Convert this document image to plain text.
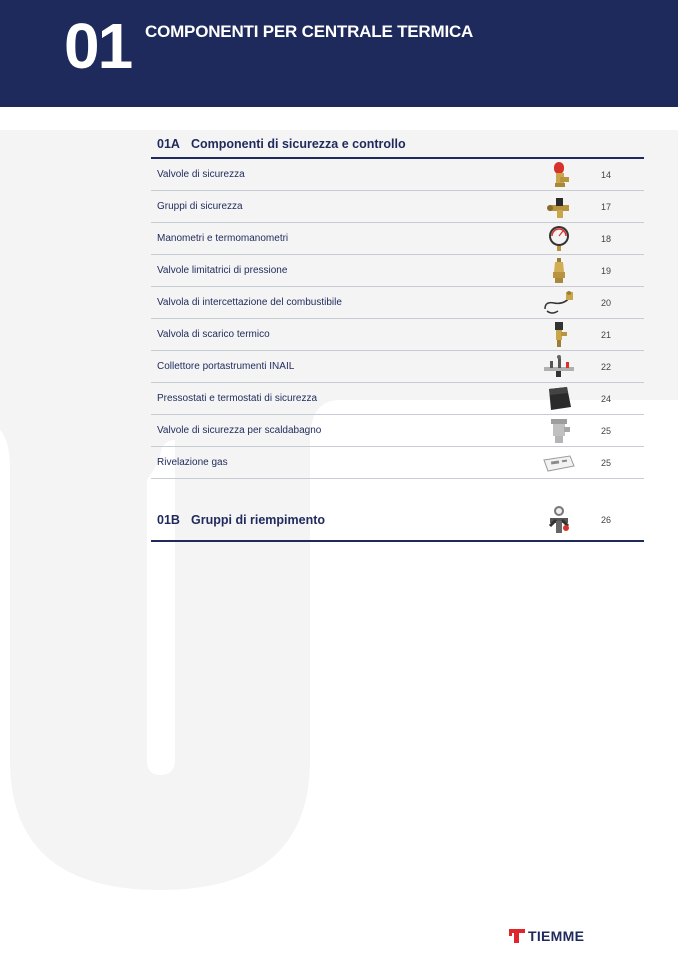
01 COMPONENTI PER CENTRALE TERMICA
01A Componenti di sicurezza e controllo
Valvole di sicurezza	14
Gruppi di sicurezza	17
Manometri e termomanometri	18
Valvole limitatrici di pressione	19
Valvola di intercettazione del combustibile	20
Valvola di scarico termico	21
Collettore portastrumenti INAIL	22
Pressostati e termostati di sicurezza	24
Valvole di sicurezza per scaldabagno	25
Rivelazione gas	25
01B Gruppi di riempimento	26
TIEMME
